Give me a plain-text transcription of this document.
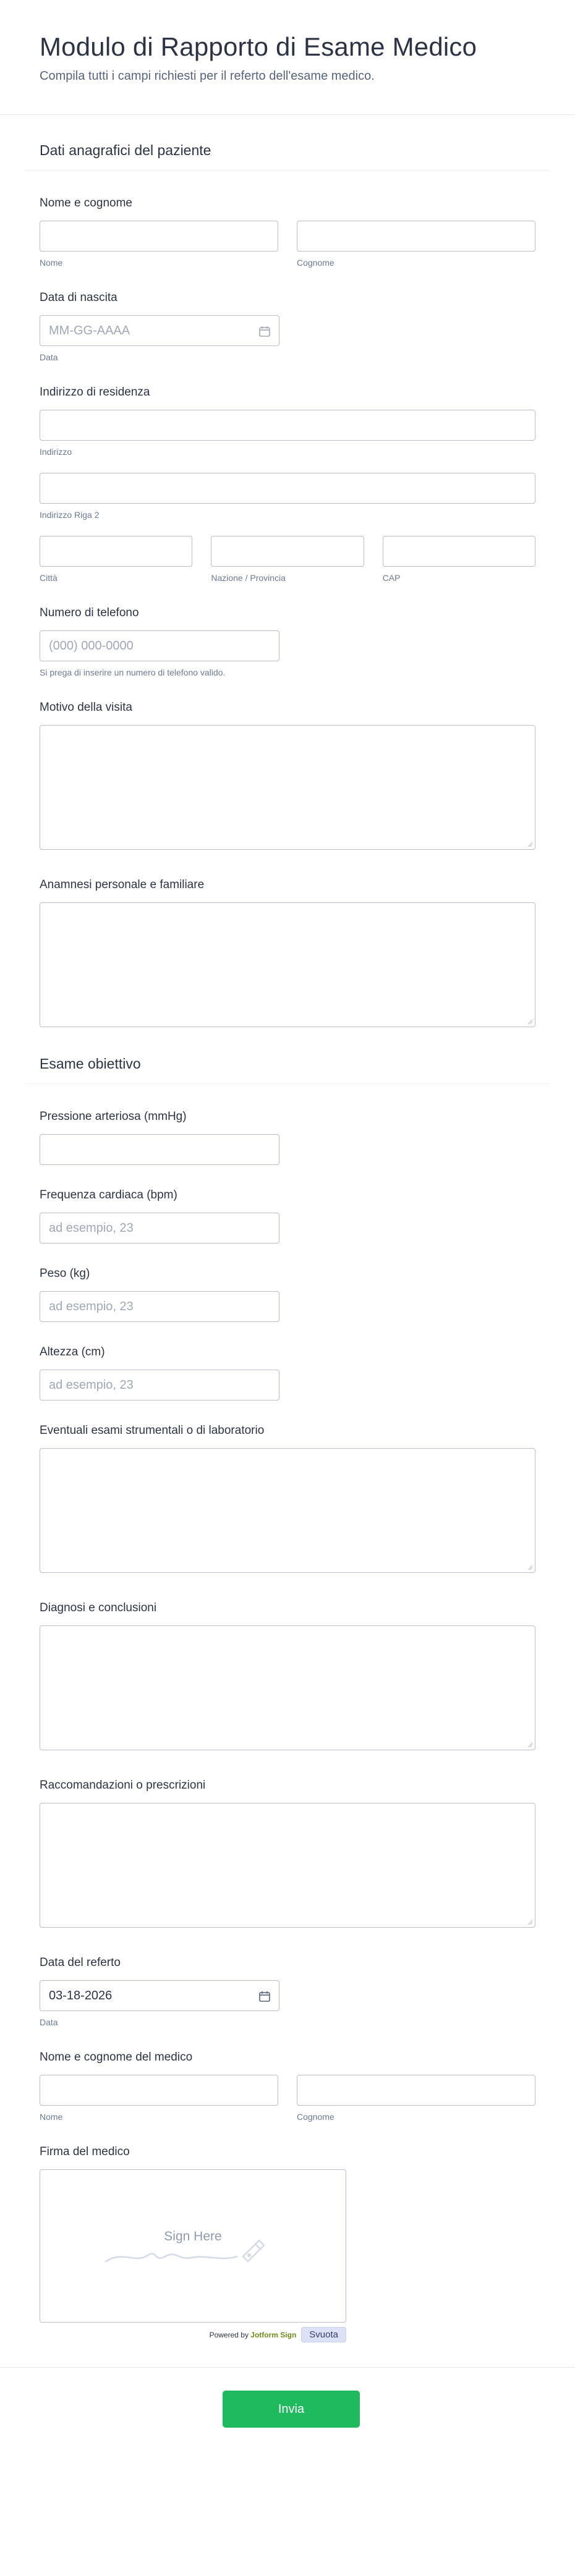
Modulo di Rapporto di Esame Medico

Compila tutti i campi richiesti per il referto dell'esame medico.

Dati anagrafici del paziente
Nome e cognome
Nome	Cognome
Data di nascita
MM-GG-AAAA
Data
Indirizzo di residenza
Indirizzo
Indirizzo Riga 2
Città	Nazione / Provincia	CAP
Numero di telefono
(000) 000-0000
Si prega di inserire un numero di telefono valido.
Motivo della visita
Anamnesi personale e familiare
Esame obiettivo
Pressione arteriosa (mmHg)
Frequenza cardiaca (bpm)
ad esempio, 23
Peso (kg)
ad esempio, 23
Altezza (cm)
ad esempio, 23
Eventuali esami strumentali o di laboratorio
Diagnosi e conclusioni
Raccomandazioni o prescrizioni
Data del referto
03-18-2026
Data
Nome e cognome del medico
Nome	Cognome
Firma del medico
Sign Here
Powered by Jotform Sign	Svuota
Invia
